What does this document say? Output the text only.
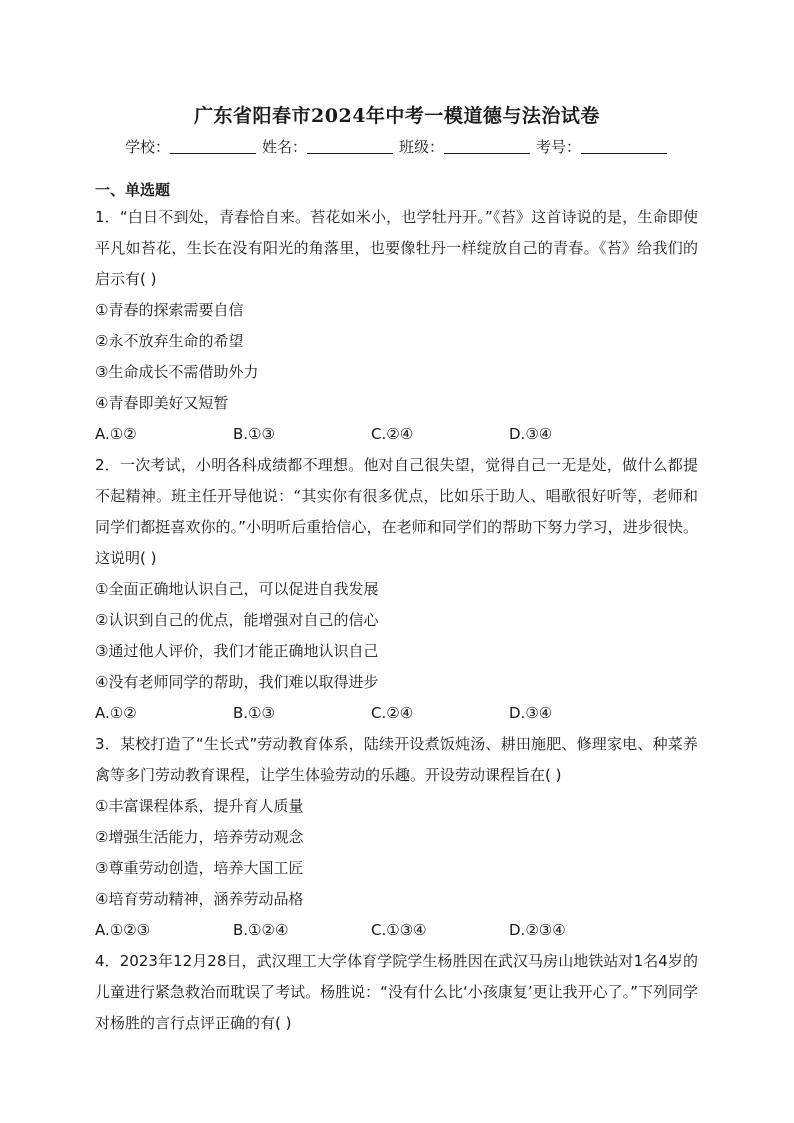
广东省阳春市2024年中考一模道德与法治试卷
学校：	姓名：	班级：	考号：
一、单选题

1．“白日不到处，青春恰自来。苔花如米小，也学牡丹开。”《苔》这首诗说的是，生命即使平凡如苔花，生长在没有阳光的角落里，也要像牡丹一样绽放自己的青春。《苔》给我们的启示有( )

①青春的探索需要自信

②永不放弃生命的希望

③生命成长不需借助外力

④青春即美好又短暂

A.①②	B.①③	C.②④	D.③④

2．一次考试，小明各科成绩都不理想。他对自己很失望，觉得自己一无是处，做什么都提不起精神。班主任开导他说：“其实你有很多优点，比如乐于助人、唱歌很好听等，老师和同学们都挺喜欢你的。”小明听后重拾信心，在老师和同学们的帮助下努力学习，进步很快。这说明( )

①全面正确地认识自己，可以促进自我发展

②认识到自己的优点，能增强对自己的信心

③通过他人评价，我们才能正确地认识自己

④没有老师同学的帮助，我们难以取得进步

A.①②	B.①③	C.②④	D.③④

3．某校打造了“生长式”劳动教育体系，陆续开设煮饭炖汤、耕田施肥、修理家电、种菜养禽等多门劳动教育课程，让学生体验劳动的乐趣。开设劳动课程旨在( )

①丰富课程体系，提升育人质量

②增强生活能力，培养劳动观念

③尊重劳动创造，培养大国工匠

④培育劳动精神，涵养劳动品格

A.①②③	B.①②④	C.①③④	D.②③④

4．2023年12月28日，武汉理工大学体育学院学生杨胜因在武汉马房山地铁站对1名4岁的儿童进行紧急救治而耽误了考试。杨胜说：“没有什么比‘小孩康复’更让我开心了。”下列同学对杨胜的言行点评正确的有( )
